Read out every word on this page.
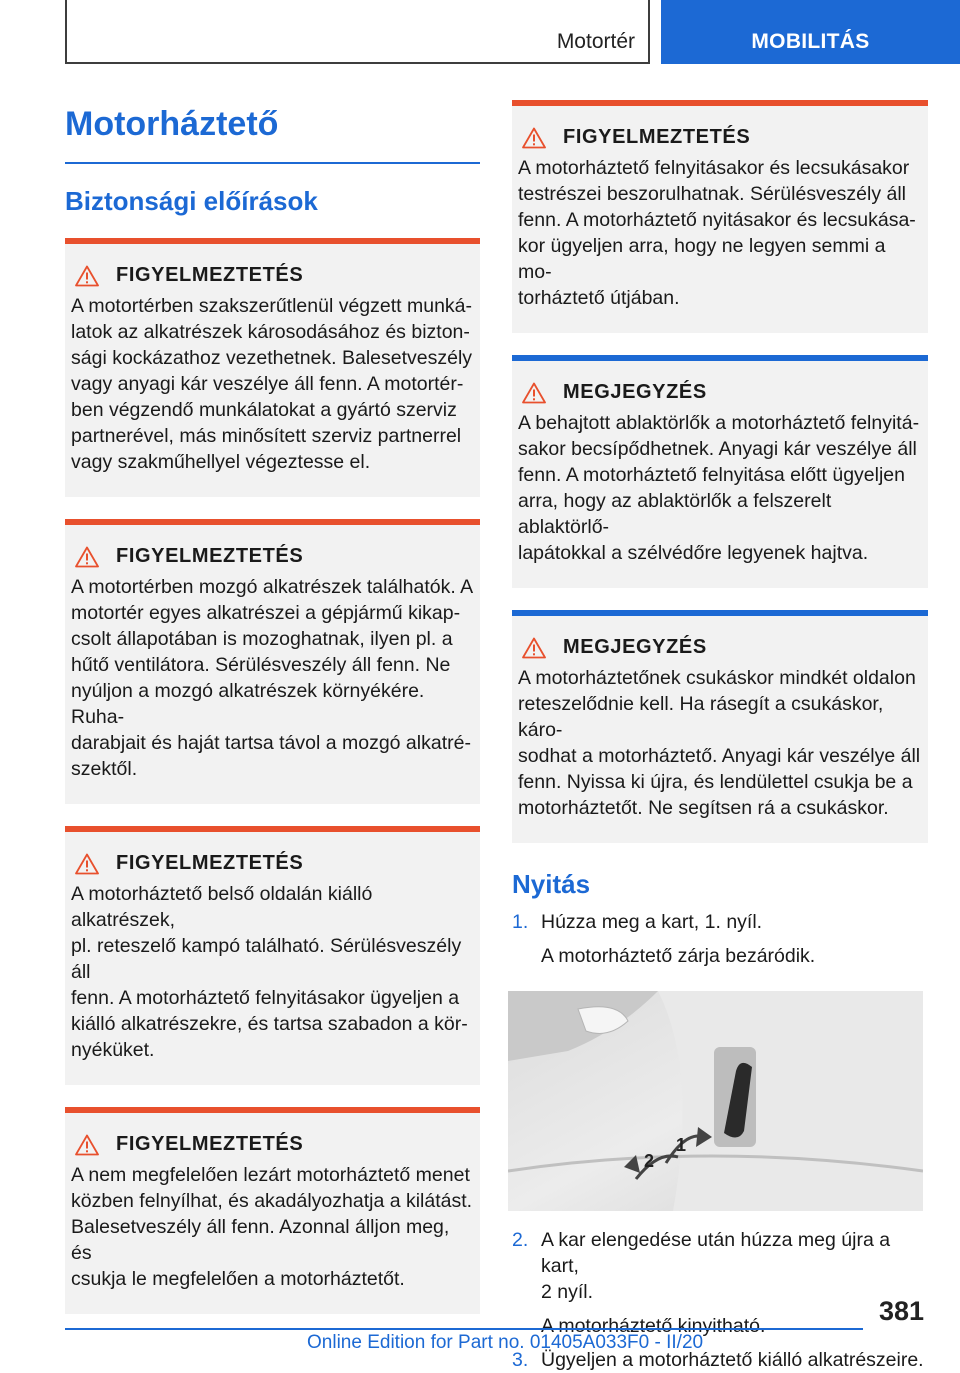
Motortér	MOBILITÁS
Motorháztető
Biztonsági előírások
FIGYELMEZTETÉS
A motortérben szakszerűtlenül végzett munká-
latok az alkatrészek károsodásához és bizton-
sági kockázathoz vezethetnek. Balesetveszély
vagy anyagi kár veszélye áll fenn. A motortér-
ben végzendő munkálatokat a gyártó szerviz
partnerével, más minősített szerviz partnerrel
vagy szakműhellyel végeztesse el.
FIGYELMEZTETÉS
A motortérben mozgó alkatrészek találhatók. A
motortér egyes alkatrészei a gépjármű kikap-
csolt állapotában is mozoghatnak, ilyen pl. a
hűtő ventilátora. Sérülésveszély áll fenn. Ne
nyúljon a mozgó alkatrészek környékére. Ruha-
darabjait és haját tartsa távol a mozgó alkatré-
szektől.
FIGYELMEZTETÉS
A motorháztető belső oldalán kiálló alkatrészek,
pl. reteszelő kampó található. Sérülésveszély áll
fenn. A motorháztető felnyitásakor ügyeljen a
kiálló alkatrészekre, és tartsa szabadon a kör-
nyéküket.
FIGYELMEZTETÉS
A nem megfelelően lezárt motorháztető menet
közben felnyílhat, és akadályozhatja a kilátást.
Balesetveszély áll fenn. Azonnal álljon meg, és
csukja le megfelelően a motorháztetőt.
FIGYELMEZTETÉS
A motorháztető felnyitásakor és lecsukásakor
testrészei beszorulhatnak. Sérülésveszély áll
fenn. A motorháztető nyitásakor és lecsukása-
kor ügyeljen arra, hogy ne legyen semmi a mo-
torháztető útjában.
MEGJEGYZÉS
A behajtott ablaktörlők a motorháztető felnyitá-
sakor becsípődhetnek. Anyagi kár veszélye áll
fenn. A motorháztető felnyitása előtt ügyeljen
arra, hogy az ablaktörlők a felszerelt ablaktörlő-
lapátokkal a szélvédőre legyenek hajtva.
MEGJEGYZÉS
A motorháztetőnek csukáskor mindkét oldalon
reteszelődnie kell. Ha rásegít a csukáskor, káro-
sodhat a motorháztető. Anyagi kár veszélye áll
fenn. Nyissa ki újra, és lendülettel csukja be a
motorháztetőt. Ne segítsen rá a csukáskor.
Nyitás
1. Húzza meg a kart, 1. nyíl.
A motorháztető zárja bezáródik.
1
2
2. A kar elengedése után húzza meg újra a kart,
2 nyíl.
A motorháztető kinyitható.
3. Ügyeljen a motorháztető kiálló alkatrészeire.
381
Online Edition for Part no. 01405A033F0 - II/20
